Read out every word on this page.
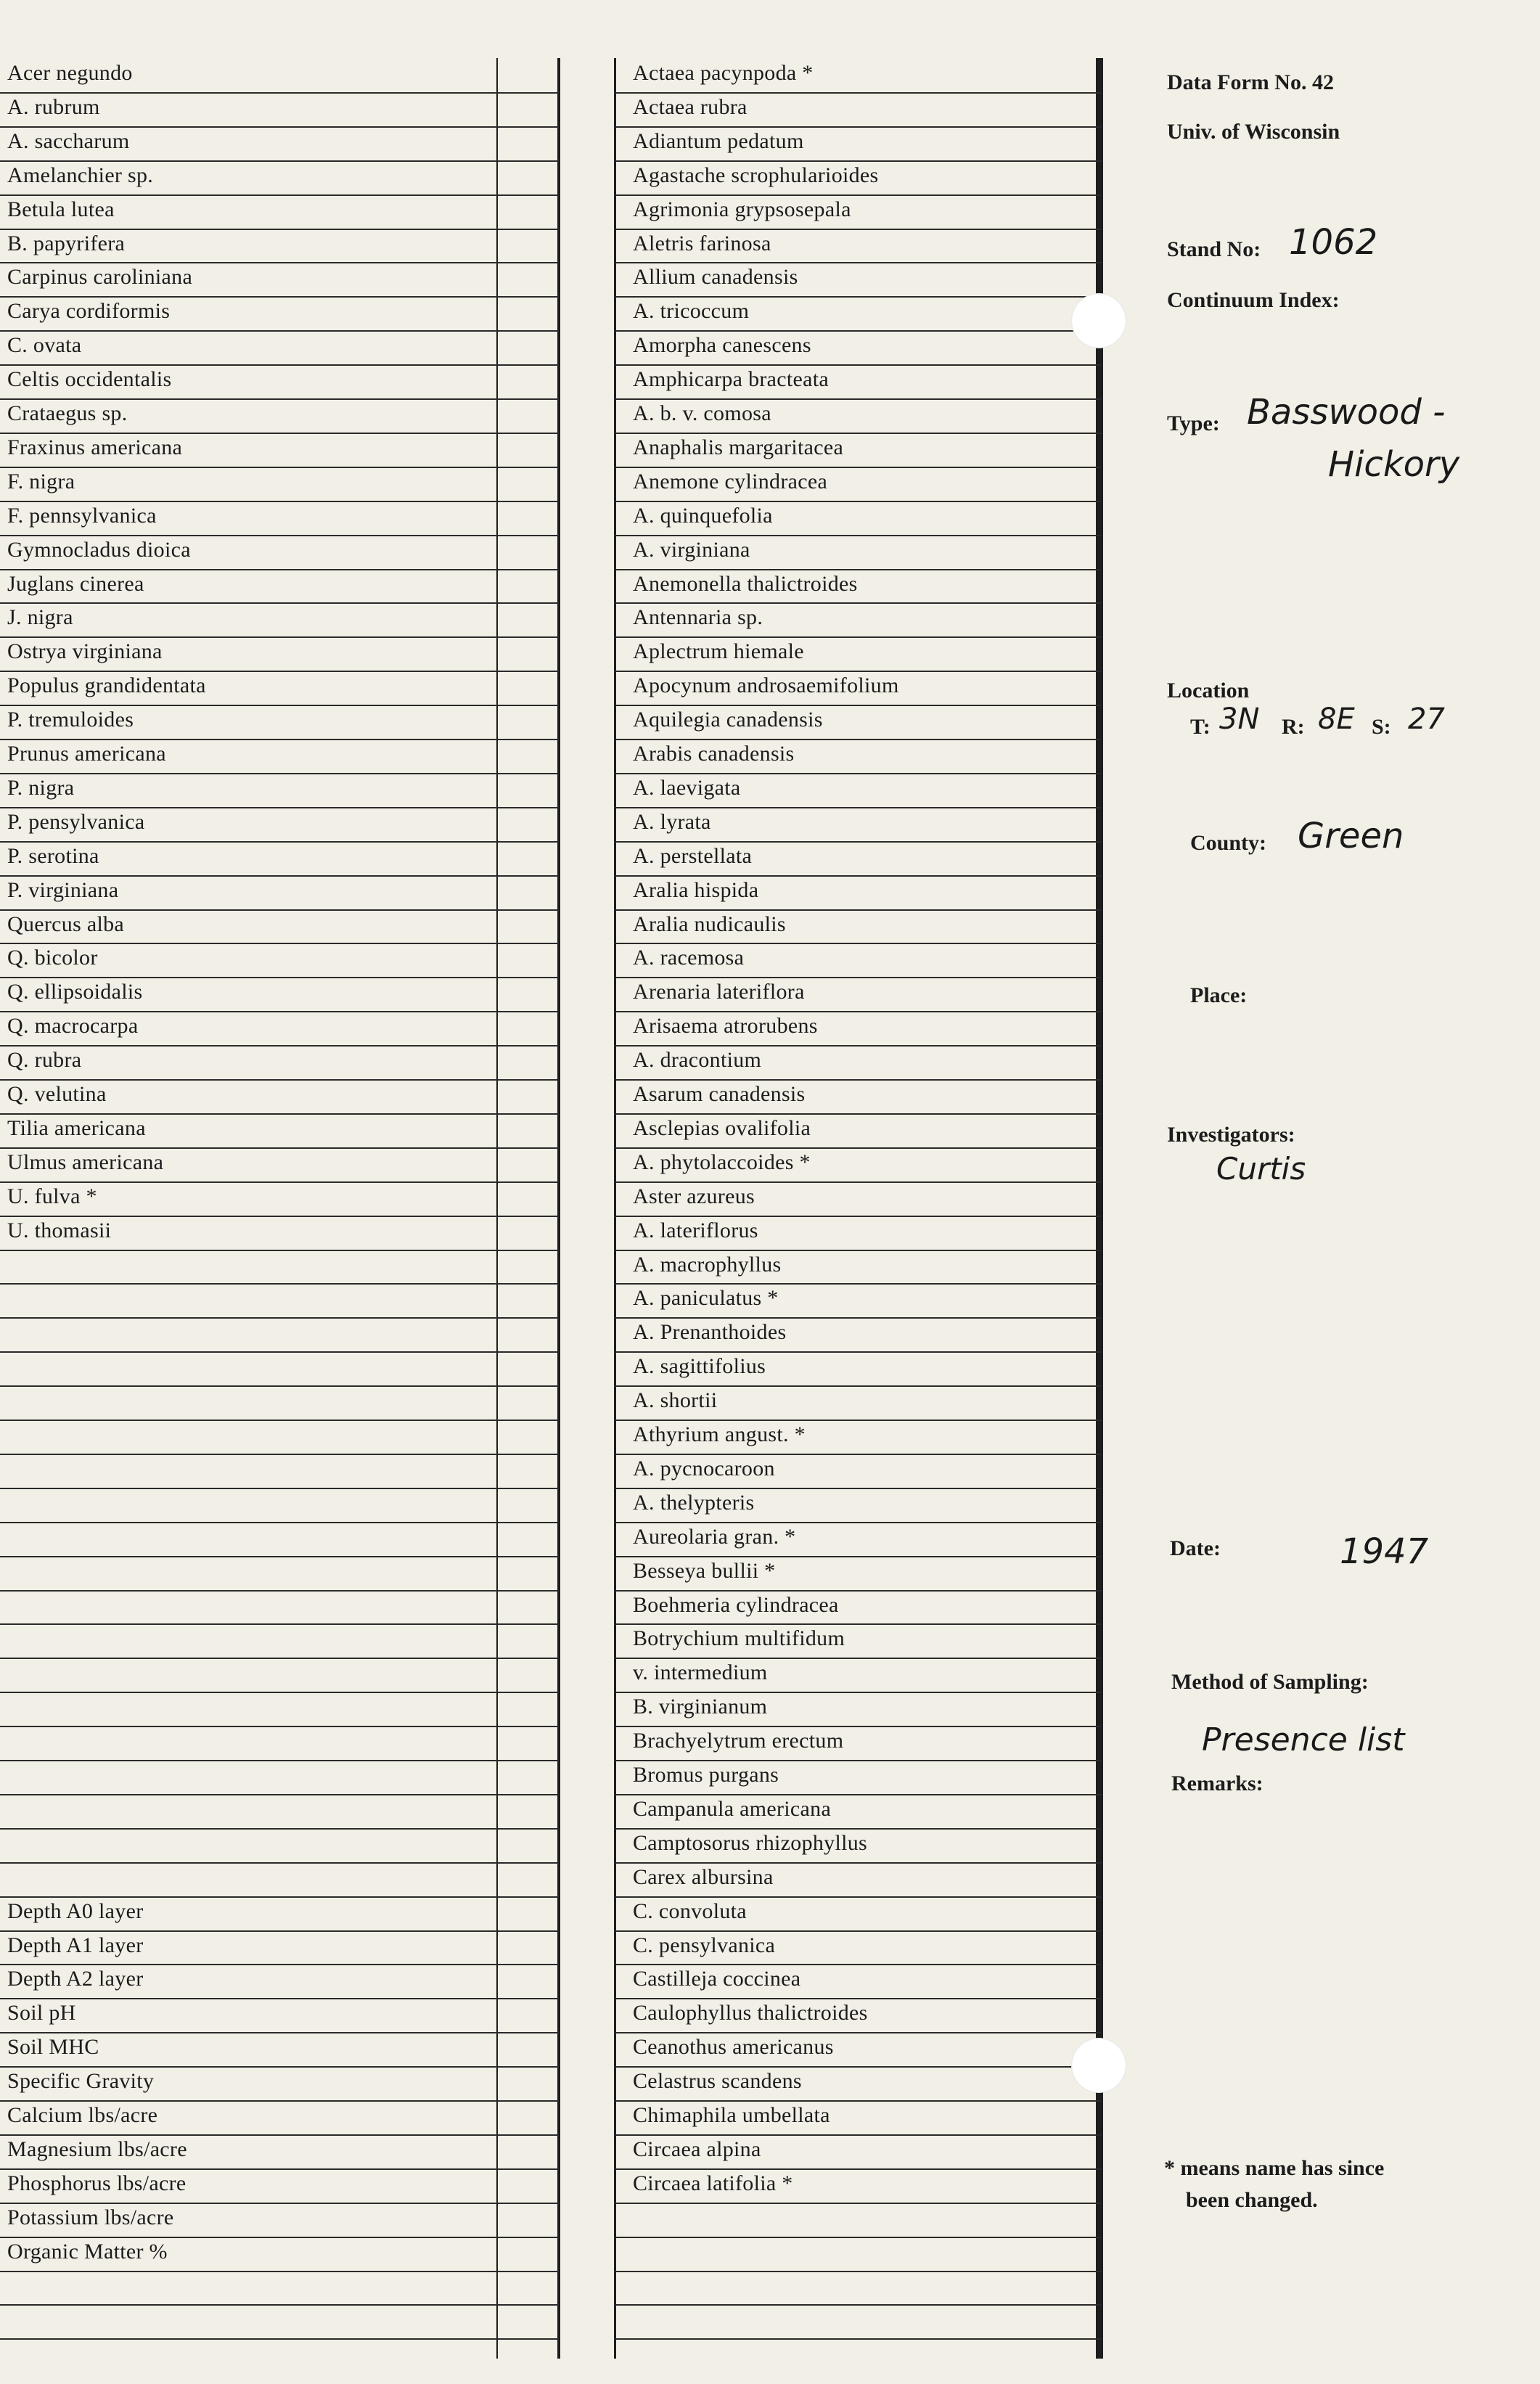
Acer negundo
A. rubrum
A. saccharum
Amelanchier sp.
Betula lutea
B. papyrifera
Carpinus caroliniana
Carya cordiformis
C. ovata
Celtis occidentalis
Crataegus sp.
Fraxinus americana
F. nigra
F. pennsylvanica
Gymnocladus dioica
Juglans cinerea
J. nigra
Ostrya virginiana
Populus grandidentata
P. tremuloides
Prunus americana
P. nigra
P. pensylvanica
P. serotina
P. virginiana
Quercus alba
Q. bicolor
Q. ellipsoidalis
Q. macrocarpa
Q. rubra
Q. velutina
Tilia americana
Ulmus americana
U. fulva *
U. thomasii
Depth A0 layer
Depth A1 layer
Depth A2 layer
Soil pH
Soil MHC
Specific Gravity
Calcium lbs/acre
Magnesium lbs/acre
Phosphorus lbs/acre
Potassium lbs/acre
Organic Matter %
Actaea pacynpoda *
Actaea rubra
Adiantum pedatum
Agastache scrophularioides
Agrimonia grypsosepala
Aletris farinosa
Allium canadensis
A. tricoccum
Amorpha canescens
Amphicarpa bracteata
A. b. v. comosa
Anaphalis margaritacea
Anemone cylindracea
A. quinquefolia
A. virginiana
Anemonella thalictroides
Antennaria sp.
Aplectrum hiemale
Apocynum androsaemifolium
Aquilegia canadensis
Arabis canadensis
A. laevigata
A. lyrata
A. perstellata
Aralia hispida
Aralia nudicaulis
A. racemosa
Arenaria lateriflora
Arisaema atrorubens
A. dracontium
Asarum canadensis
Asclepias ovalifolia
A. phytolaccoides *
Aster azureus
A. lateriflorus
A. macrophyllus
A. paniculatus *
A. Prenanthoides
A. sagittifolius
A. shortii
Athyrium angust. *
A. pycnocaroon
A. thelypteris
Aureolaria gran. *
Besseya bullii *
Boehmeria cylindracea
Botrychium multifidum
v. intermedium
B. virginianum
Brachyelytrum erectum
Bromus purgans
Campanula americana
Camptosorus rhizophyllus
Carex albursina
C. convoluta
C. pensylvanica
Castilleja coccinea
Caulophyllus thalictroides
Ceanothus americanus
Celastrus scandens
Chimaphila umbellata
Circaea alpina
Circaea latifolia *
Data Form No. 42
Univ. of Wisconsin
Stand No: 1062
Continuum Index:
Type: Basswood -
Hickory
Location
T: 3N R: 8E S: 27
County: Green
Place:
Investigators:
Curtis
Date:	1947
Method of Sampling:
Presence list
Remarks:
* means name has since
been changed.
